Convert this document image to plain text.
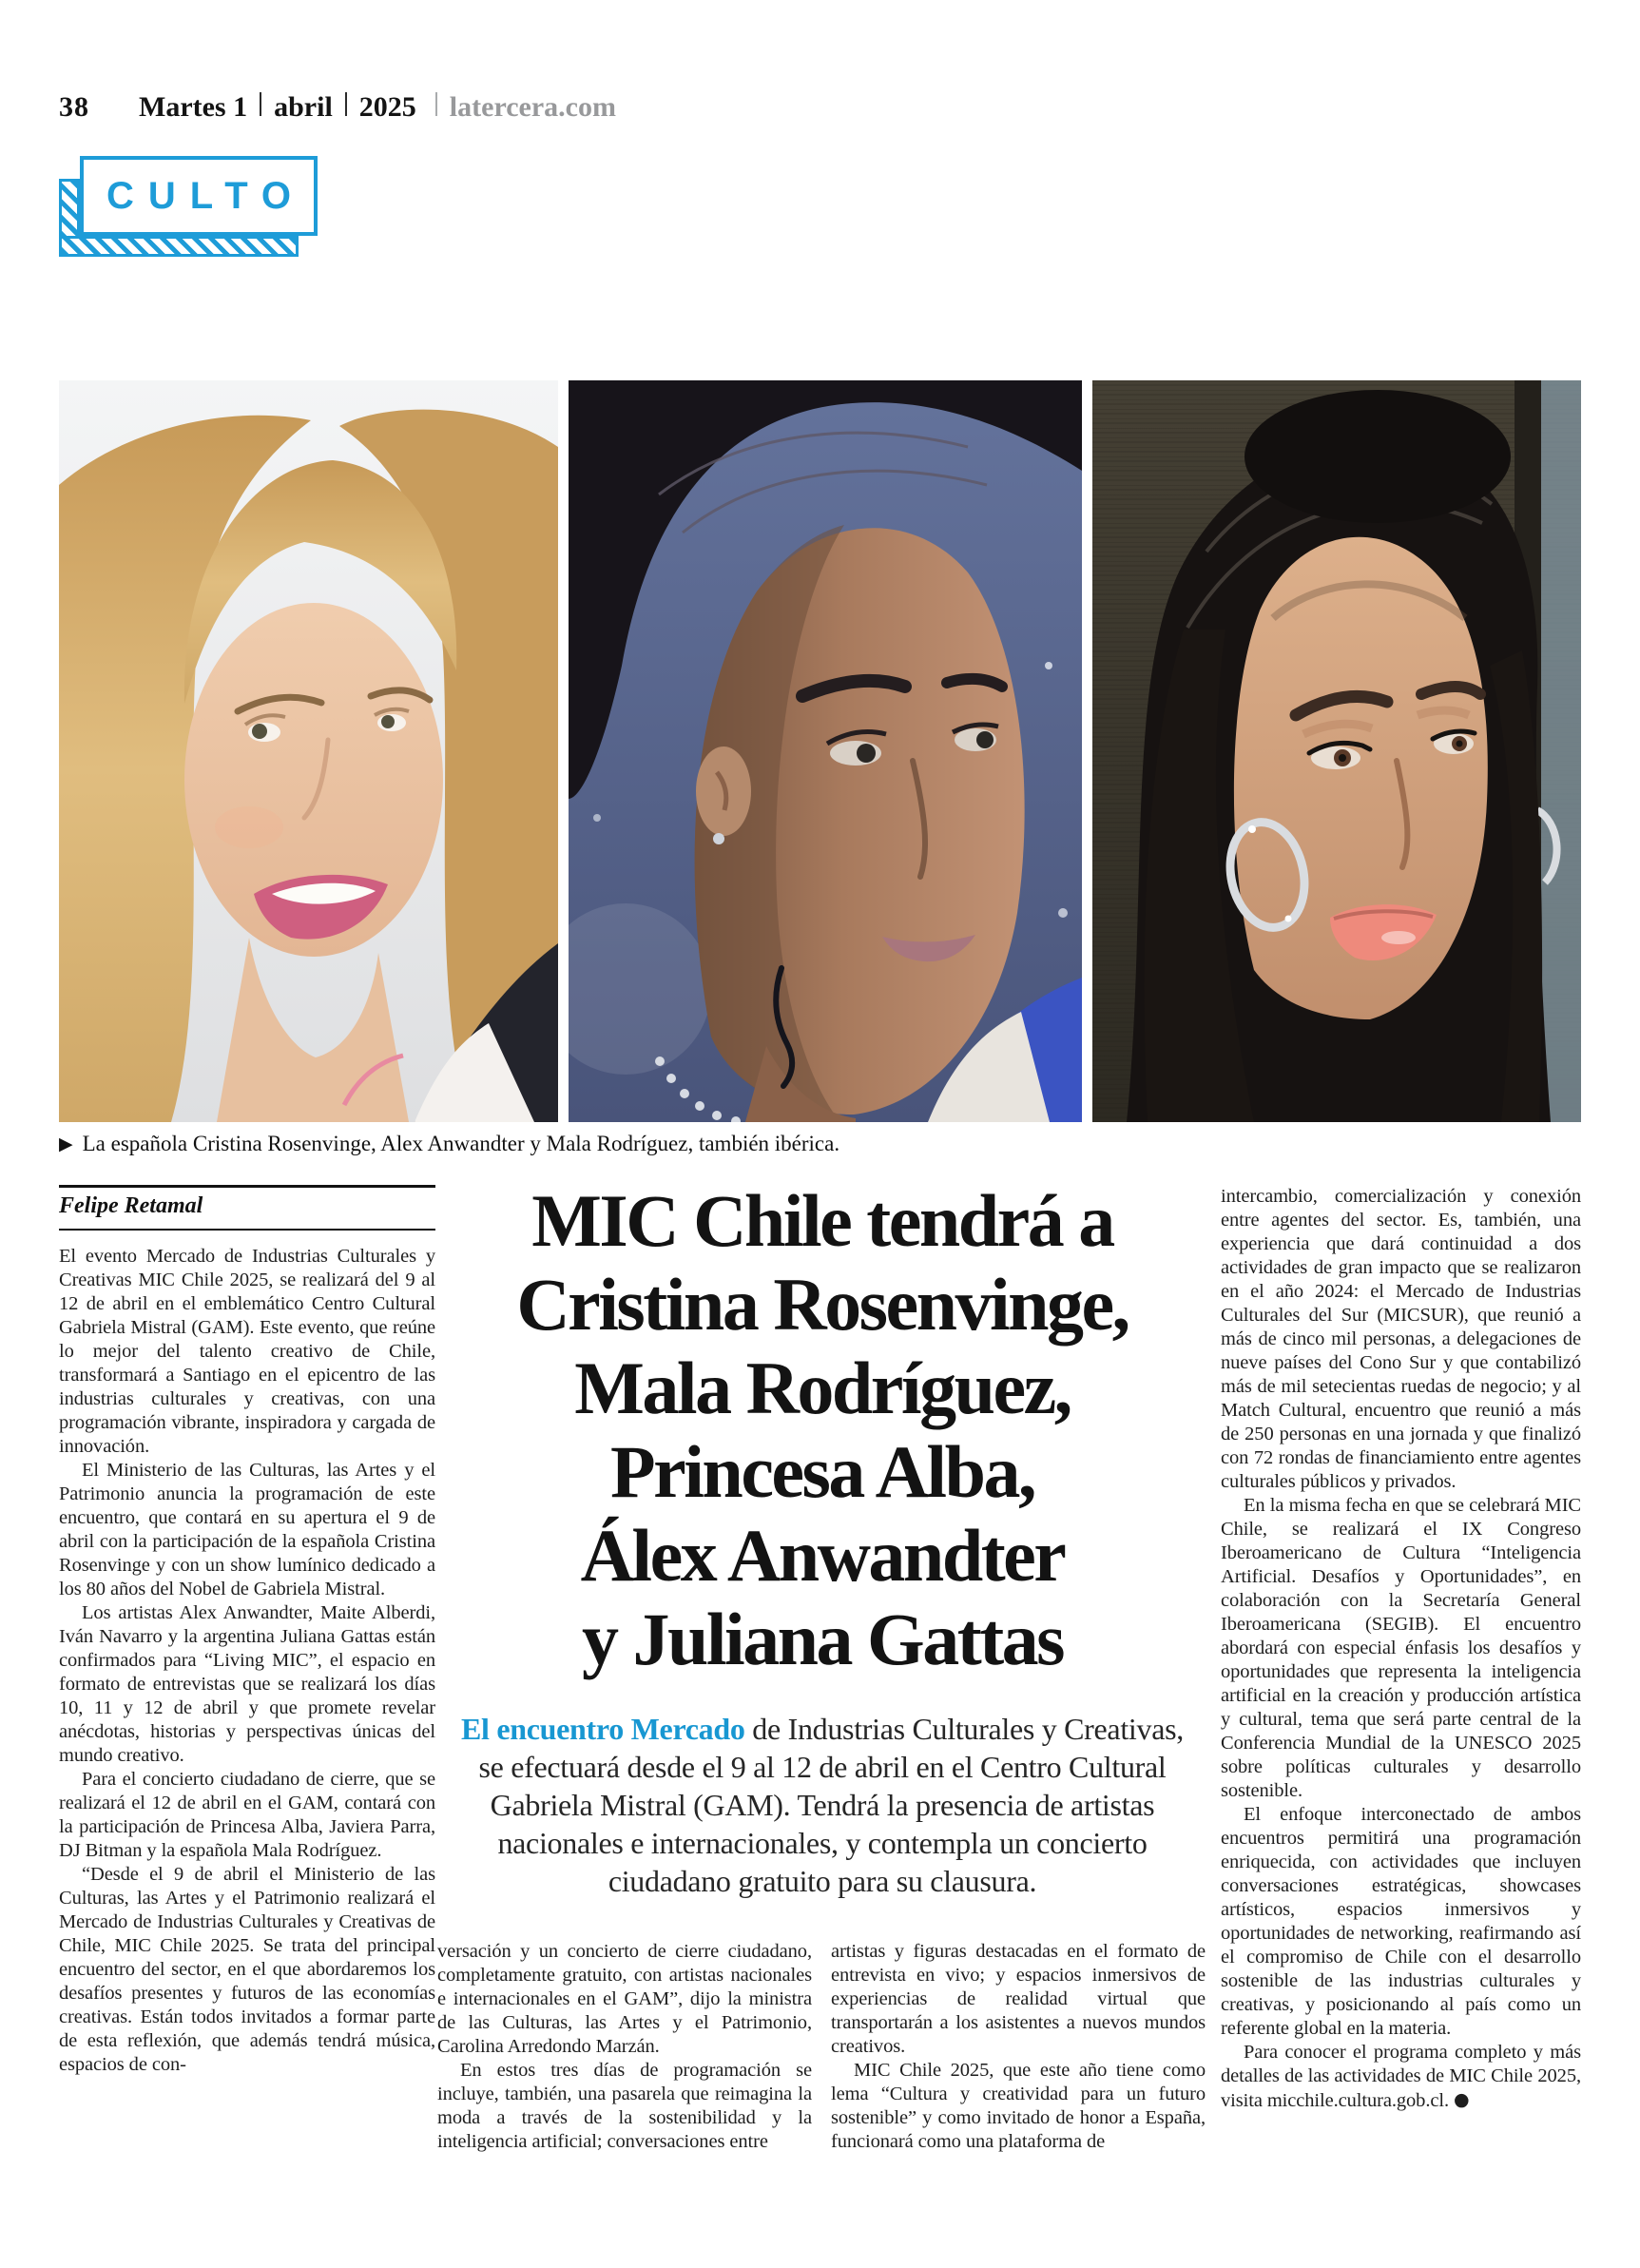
38 Martes 1 abril 2025 latercera.com
CULTO
▶ La española Cristina Rosenvinge, Alex Anwandter y Mala Rodríguez, también ibérica.
Felipe Retamal

El evento Mercado de Industrias Culturales y Creativas MIC Chile 2025, se realizará del 9 al 12 de abril en el emblemático Centro Cultural Gabriela Mistral (GAM). Este evento, que reúne lo mejor del talento creativo de Chile, transformará a Santiago en el epicentro de las industrias culturales y creativas, con una programación vibrante, inspiradora y cargada de innovación.

El Ministerio de las Culturas, las Artes y el Patrimonio anuncia la programación de este encuentro, que contará en su apertura el 9 de abril con la participación de la española Cristina Rosenvinge y con un show lumínico dedicado a los 80 años del Nobel de Gabriela Mistral.

Los artistas Alex Anwandter, Maite Alberdi, Iván Navarro y la argentina Juliana Gattas están confirmados para “Living MIC”, el espacio en formato de entrevistas que se realizará los días 10, 11 y 12 de abril y que promete revelar anécdotas, historias y perspectivas únicas del mundo creativo.

Para el concierto ciudadano de cierre, que se realizará el 12 de abril en el GAM, contará con la participación de Princesa Alba, Javiera Parra, DJ Bitman y la española Mala Rodríguez.

“Desde el 9 de abril el Ministerio de las Culturas, las Artes y el Patrimonio realizará el Mercado de Industrias Culturales y Creativas de Chile, MIC Chile 2025. Se trata del principal encuentro del sector, en el que abordaremos los desafíos presentes y futuros de las economías creativas. Están todos invitados a formar parte de esta reflexión, que además tendrá música, espacios de con-

MIC Chile tendrá a
Cristina Rosenvinge,
Mala Rodríguez,
Princesa Alba,
Álex Anwandter
y Juliana Gattas
El encuentro Mercado de Industrias Culturales y Creativas, se efectuará desde el 9 al 12 de abril en el Centro Cultural Gabriela Mistral (GAM). Tendrá la presencia de artistas nacionales e internacionales, y contempla un concierto ciudadano gratuito para su clausura.

versación y un concierto de cierre ciudadano, completamente gratuito, con artistas nacionales e internacionales en el GAM”, dijo la ministra de las Culturas, las Artes y el Patrimonio, Carolina Arredondo Marzán.

En estos tres días de programación se incluye, también, una pasarela que reimagina la moda a través de la sostenibilidad y la inteligencia artificial; conversaciones entre

artistas y figuras destacadas en el formato de entrevista en vivo; y espacios inmersivos de experiencias de realidad virtual que transportarán a los asistentes a nuevos mundos creativos.

MIC Chile 2025, que este año tiene como lema “Cultura y creatividad para un futuro sostenible” y como invitado de honor a España, funcionará como una plataforma de

intercambio, comercialización y conexión entre agentes del sector. Es, también, una experiencia que dará continuidad a dos actividades de gran impacto que se realizaron en el año 2024: el Mercado de Industrias Culturales del Sur (MICSUR), que reunió a más de cinco mil personas, a delegaciones de nueve países del Cono Sur y que contabilizó más de mil setecientas ruedas de negocio; y al Match Cultural, encuentro que reunió a más de 250 personas en una jornada y que finalizó con 72 rondas de financiamiento entre agentes culturales públicos y privados.

En la misma fecha en que se celebrará MIC Chile, se realizará el IX Congreso Iberoamericano de Cultura “Inteligencia Artificial. Desafíos y Oportunidades”, en colaboración con la Secretaría General Iberoamericana (SEGIB). El encuentro abordará con especial énfasis los desafíos y oportunidades que representa la inteligencia artificial en la creación y producción artística y cultural, tema que será parte central de la Conferencia Mundial de la UNESCO 2025 sobre políticas culturales y desarrollo sostenible.

El enfoque interconectado de ambos encuentros permitirá una programación enriquecida, con actividades que incluyen conversaciones estratégicas, showcases artísticos, espacios inmersivos y oportunidades de networking, reafirmando así el compromiso de Chile con el desarrollo sostenible de las industrias culturales y creativas, y posicionando al país como un referente global en la materia.

Para conocer el programa completo y más detalles de las actividades de MIC Chile 2025, visita micchile.cultura.gob.cl. ●
